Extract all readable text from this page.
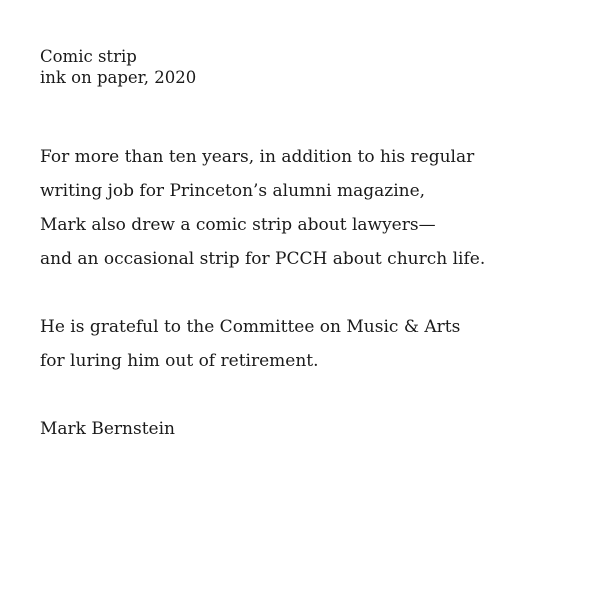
Comic strip
ink on paper, 2020
For more than ten years, in addition to his regular
writing job for Princeton’s alumni magazine,
Mark also drew a comic strip about lawyers—
and an occasional strip for PCCH about church life.
He is grateful to the Committee on Music & Arts
for luring him out of retirement.
Mark Bernstein
